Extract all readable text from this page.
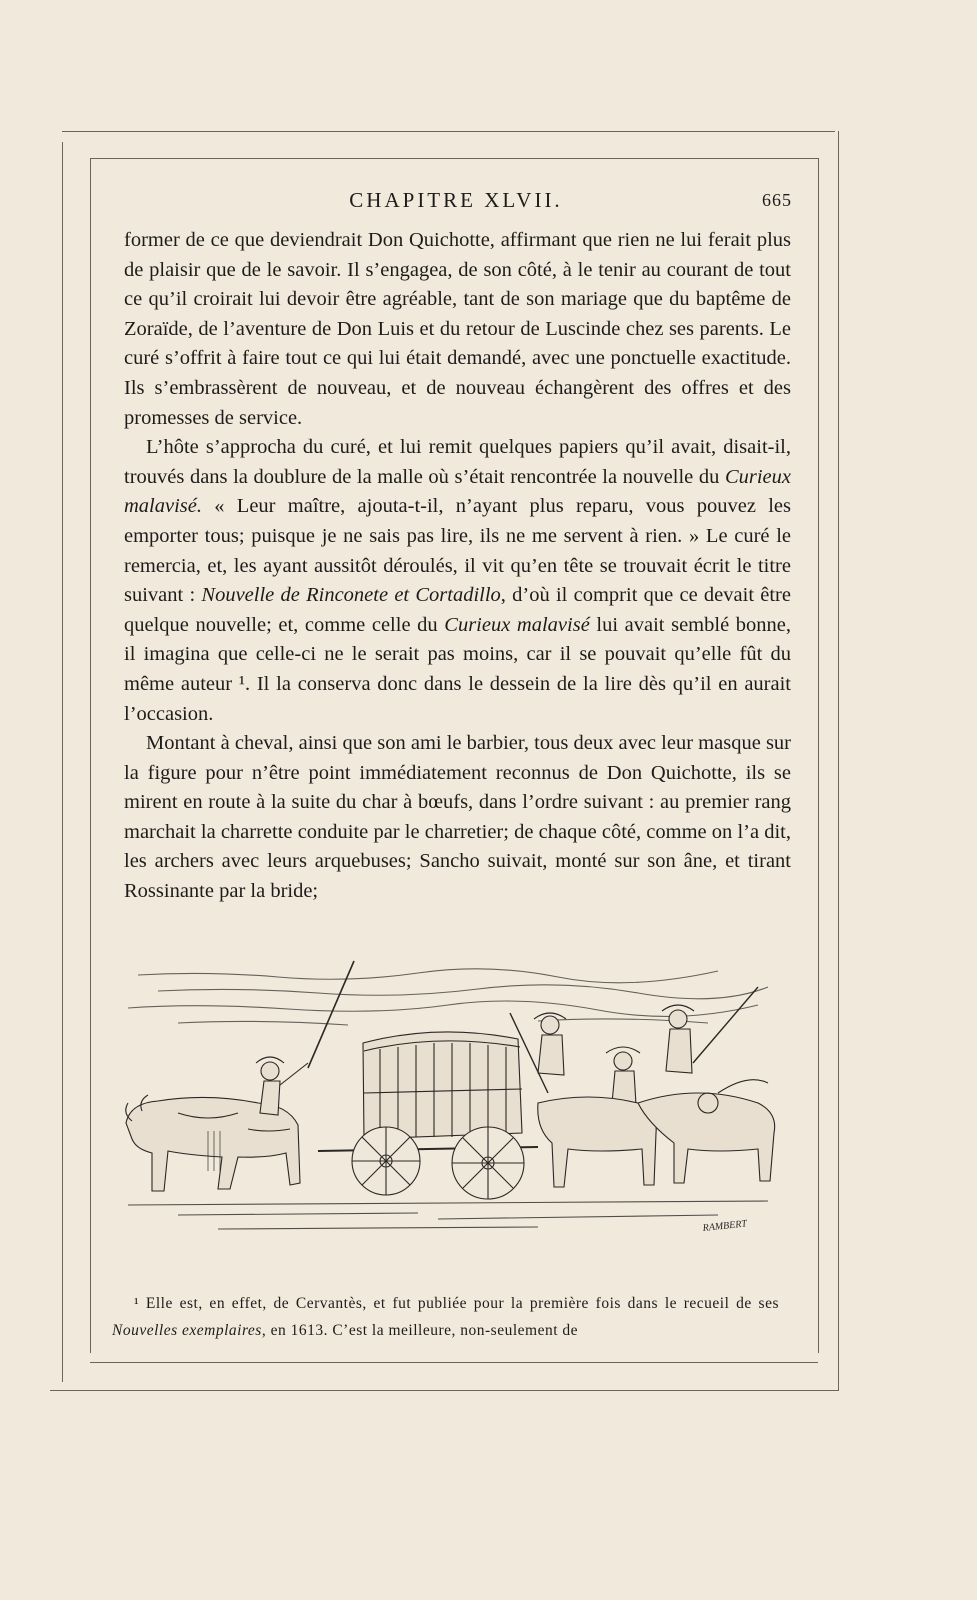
CHAPITRE XLVII.	665

former de ce que deviendrait Don Quichotte, affirmant que rien ne lui ferait plus de plaisir que de le savoir. Il s’engagea, de son côté, à le tenir au courant de tout ce qu’il croirait lui devoir être agréable, tant de son mariage que du baptême de Zoraïde, de l’aventure de Don Luis et du retour de Luscinde chez ses parents. Le curé s’offrit à faire tout ce qui lui était demandé, avec une ponctuelle exactitude. Ils s’embrassèrent de nouveau, et de nouveau échangèrent des offres et des promesses de service.

L’hôte s’approcha du curé, et lui remit quelques papiers qu’il avait, disait-il, trouvés dans la doublure de la malle où s’était rencontrée la nouvelle du Curieux malavisé. « Leur maître, ajouta-t-il, n’ayant plus reparu, vous pouvez les emporter tous; puisque je ne sais pas lire, ils ne me servent à rien. » Le curé le remercia, et, les ayant aussitôt déroulés, il vit qu’en tête se trouvait écrit le titre suivant : Nouvelle de Rinconete et Cortadillo, d’où il comprit que ce devait être quelque nouvelle; et, comme celle du Curieux malavisé lui avait semblé bonne, il imagina que celle-ci ne le serait pas moins, car il se pouvait qu’elle fût du même auteur ¹. Il la conserva donc dans le dessein de la lire dès qu’il en aurait l’occasion.

Montant à cheval, ainsi que son ami le barbier, tous deux avec leur masque sur la figure pour n’être point immédiatement reconnus de Don Quichotte, ils se mirent en route à la suite du char à bœufs, dans l’ordre suivant : au premier rang marchait la charrette conduite par le charretier; de chaque côté, comme on l’a dit, les archers avec leurs arquebuses; Sancho suivait, monté sur son âne, et tirant Rossinante par la bride;

RAMBERT
¹ Elle est, en effet, de Cervantès, et fut publiée pour la première fois dans le recueil de ses Nouvelles exemplaires, en 1613. C’est la meilleure, non-seulement de
